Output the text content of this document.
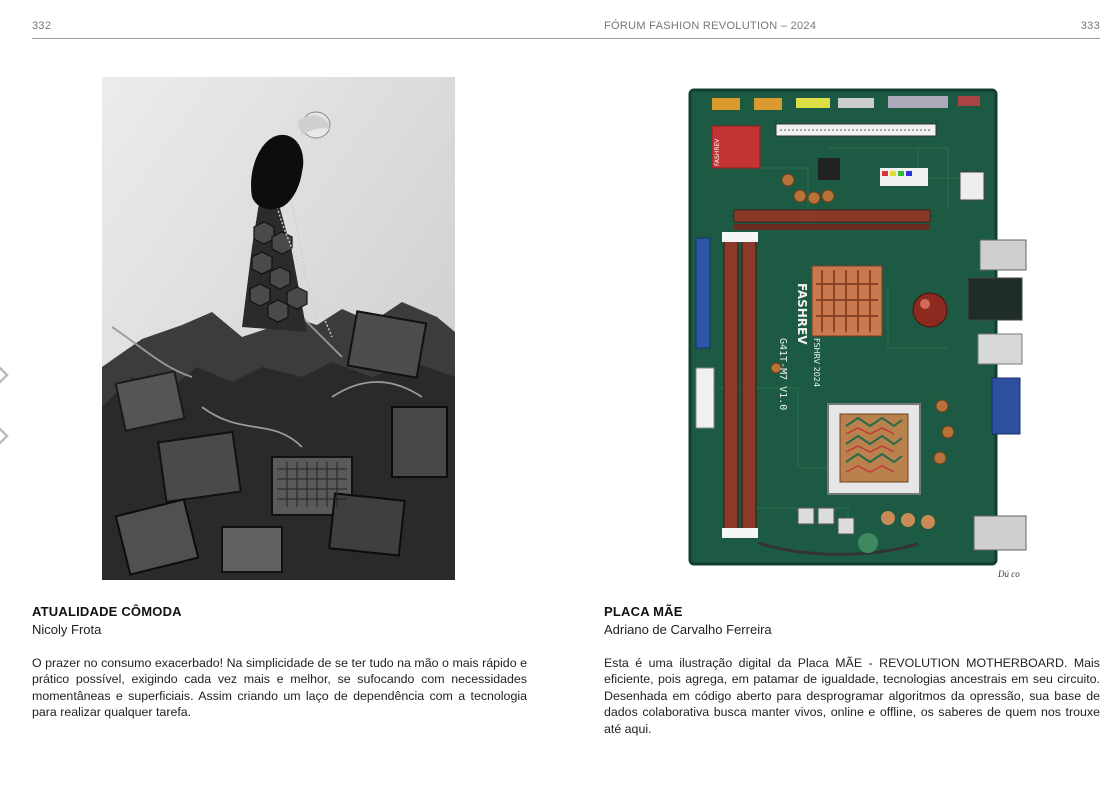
332	FÓRUM FASHION REVOLUTION – 2024	333
FASHREV
G41T-M7 V1.0
FASHREV
FSHRV 2024
Dú co
ATUALIDADE CÔMODA
Nicoly Frota
O prazer no consumo exacerbado! Na simplicidade de se ter tudo na mão o mais rápido e prático possível, exigindo cada vez mais e melhor, se sufocando com necessidades momentâneas e superficiais. Assim criando um laço de dependência com a tecnologia para realizar qualquer tarefa.
PLACA MÃE
Adriano de Carvalho Ferreira
Esta é uma ilustração digital da Placa MÃE - REVOLUTION MOTHERBOARD. Mais eficiente, pois agrega, em patamar de igualdade, tecnologias ancestrais em seu circuito. Desenhada em código aberto para desprogramar algoritmos da opressão, sua base de dados colaborativa busca manter vivos, online e offline, os saberes de quem nos trouxe até aqui.
